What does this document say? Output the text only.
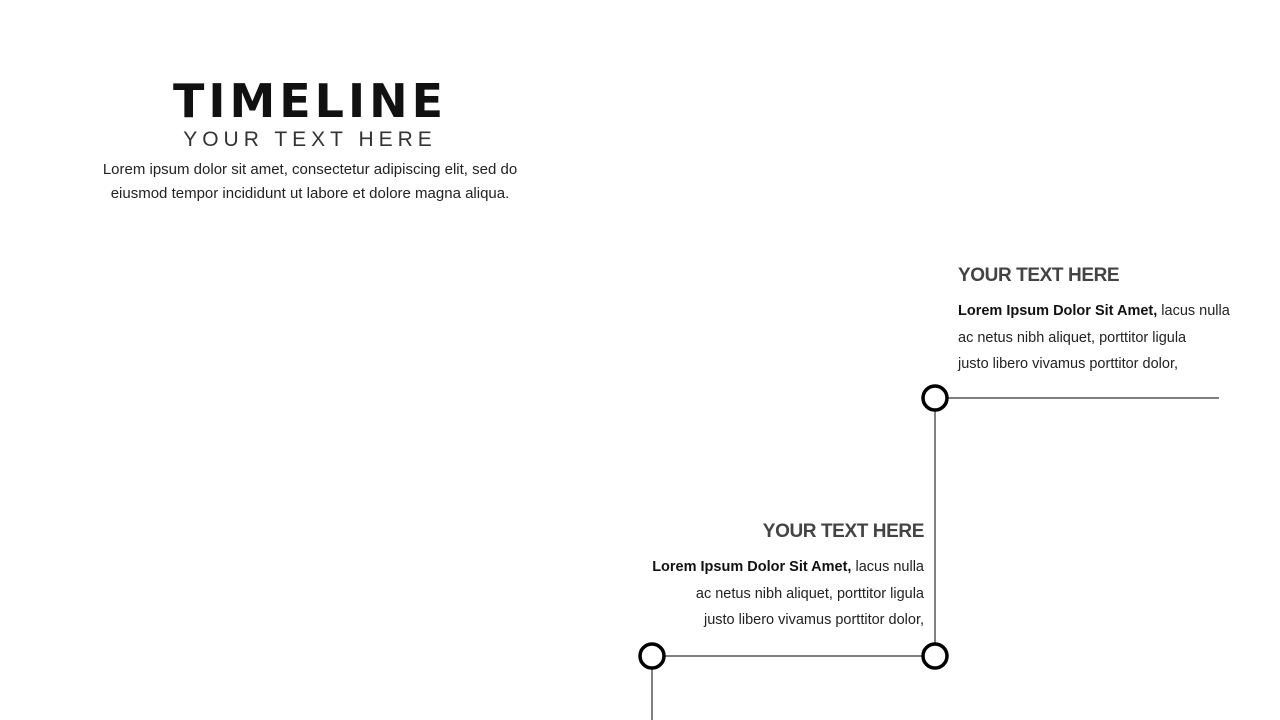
TIMELINE
YOUR TEXT HERE
Lorem ipsum dolor sit amet, consectetur adipiscing elit, sed do
eiusmod tempor incididunt ut labore et dolore magna aliqua.
YOUR TEXT HERE
Lorem Ipsum Dolor Sit Amet, lacus nulla
ac netus nibh aliquet, porttitor ligula
justo libero vivamus porttitor dolor,
YOUR TEXT HERE
Lorem Ipsum Dolor Sit Amet, lacus nulla
ac netus nibh aliquet, porttitor ligula
justo libero vivamus porttitor dolor,
